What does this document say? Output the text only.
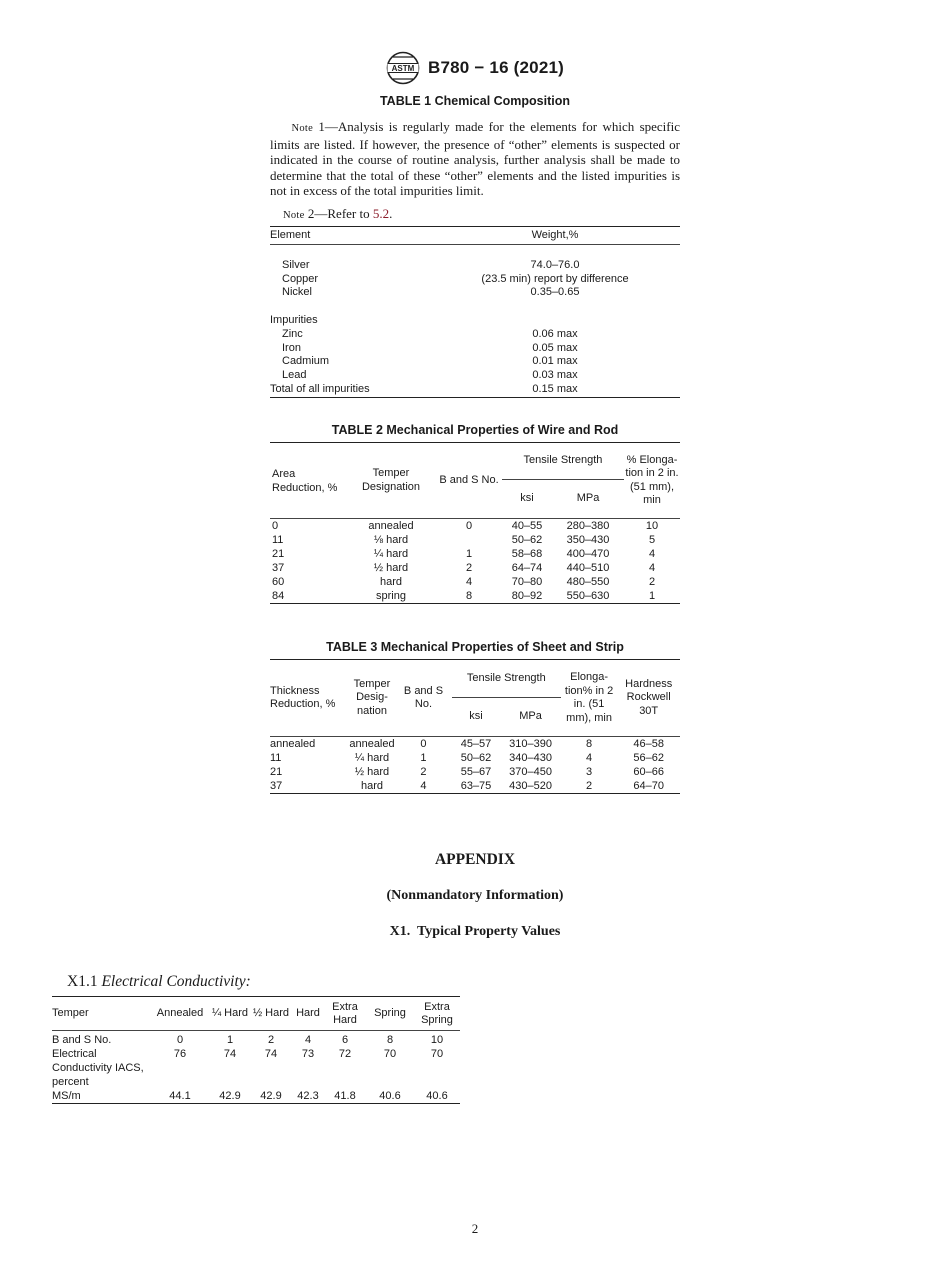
ASTM B780 − 16 (2021)
TABLE 1 Chemical Composition
Note 1—Analysis is regularly made for the elements for which specific limits are listed. If however, the presence of “other” elements is suspected or indicated in the course of routine analysis, further analysis shall be made to determine that the total of these “other” elements and the listed impurities is not in excess of the total impurities limit.
Note 2—Refer to 5.2.
Element	Weight,%

Silver	74.0–76.0
Copper	(23.5 min) report by difference
Nickel	0.35–0.65

Impurities	
Zinc	0.06 max
Iron	0.05 max
Cadmium	0.01 max
Lead	0.03 max
Total of all impurities	0.15 max
TABLE 2 Mechanical Properties of Wire and Rod
Area Reduction, %	Temper Designation	B and S No.	Tensile Strength		% Elonga- tion in 2 in. (51 mm), min
			ksi	MPa	
0	annealed	0	40–55	280–380	10
11	⅛ hard		50–62	350–430	5
21	¼ hard	1	58–68	400–470	4
37	½ hard	2	64–74	440–510	4
60	hard	4	70–80	480–550	2
84	spring	8	80–92	550–630	1
TABLE 3 Mechanical Properties of Sheet and Strip
Thickness Reduction, %	Temper Desig- nation	B and S No.	Tensile Strength		Elonga- tion% in 2 in. (51 mm), min	Hardness Rockwell 30T
			ksi	MPa		
annealed	annealed	0	45–57	310–390	8	46–58
11	¼ hard	1	50–62	340–430	4	56–62
21	½ hard	2	55–67	370–450	3	60–66
37	hard	4	63–75	430–520	2	64–70
APPENDIX
(Nonmandatory Information)
X1.  Typical Property Values
X1.1 Electrical Conductivity:
Temper	Annealed	¼ Hard	½ Hard	Hard	Extra Hard	Spring	Extra Spring

B and S No.	0	1	2	4	6	8	10
Electrical Conductivity IACS, percent	76	74	74	73	72	70	70
MS/m	44.1	42.9	42.9	42.3	41.8	40.6	40.6
2
